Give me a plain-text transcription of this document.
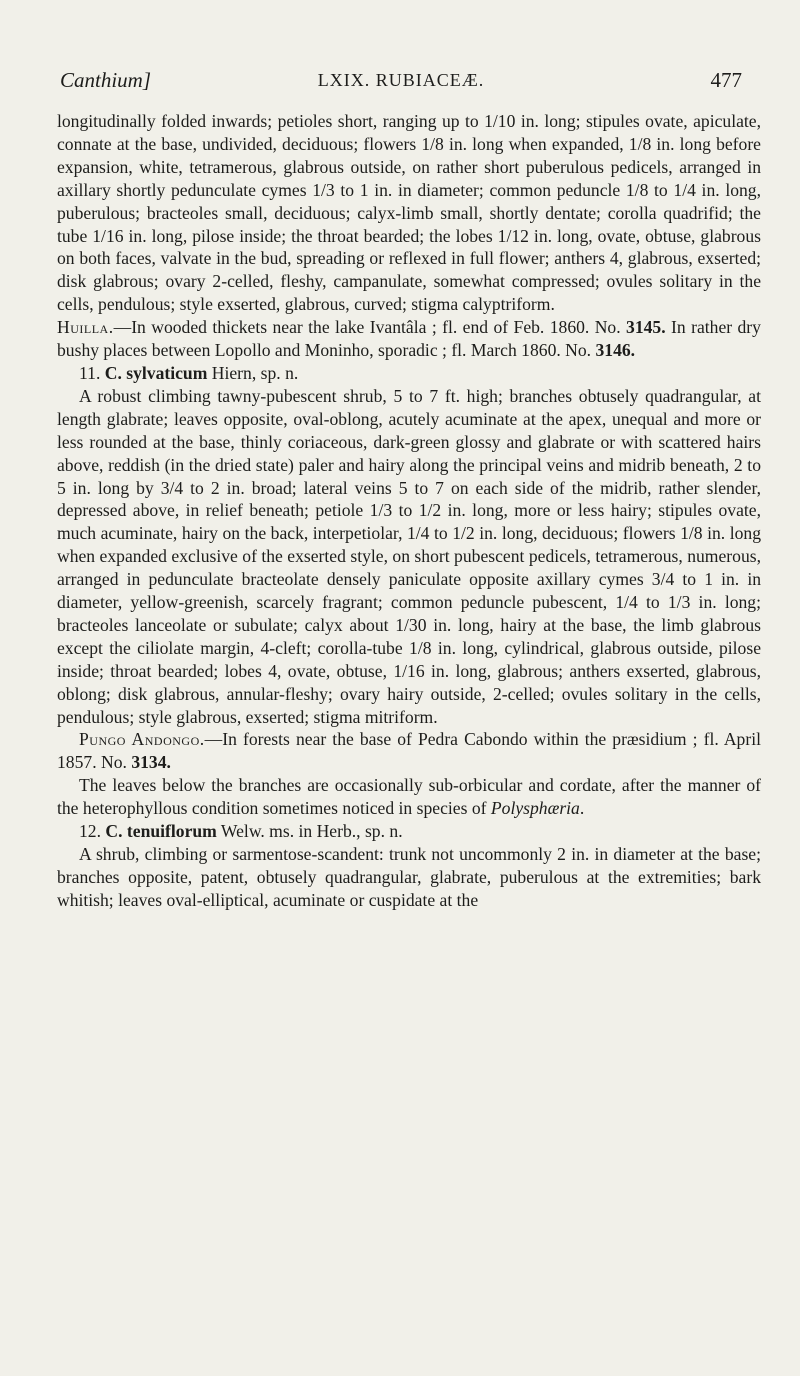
Canthium]	LXIX. RUBIACEÆ.	477

longitudinally folded inwards; petioles short, ranging up to 1/10 in. long; stipules ovate, apiculate, connate at the base, undivided, deciduous; flowers 1/8 in. long when expanded, 1/8 in. long before expansion, white, tetramerous, glabrous outside, on rather short puberulous pedicels, arranged in axillary shortly pedunculate cymes 1/3 to 1 in. in diameter; common peduncle 1/8 to 1/4 in. long, puberulous; bracteoles small, deciduous; calyx-limb small, shortly dentate; corolla quadrifid; the tube 1/16 in. long, pilose inside; the throat bearded; the lobes 1/12 in. long, ovate, obtuse, glabrous on both faces, valvate in the bud, spreading or reflexed in full flower; anthers 4, glabrous, exserted; disk glabrous; ovary 2-celled, fleshy, campanulate, somewhat compressed; ovules solitary in the cells, pendulous; style exserted, glabrous, curved; stigma calyptriform.

Huilla.—In wooded thickets near the lake Ivantâla ; fl. end of Feb. 1860. No. 3145. In rather dry bushy places between Lopollo and Moninho, sporadic ; fl. March 1860. No. 3146.

11. C. sylvaticum Hiern, sp. n.

A robust climbing tawny-pubescent shrub, 5 to 7 ft. high; branches obtusely quadrangular, at length glabrate; leaves opposite, oval-oblong, acutely acuminate at the apex, unequal and more or less rounded at the base, thinly coriaceous, dark-green glossy and glabrate or with scattered hairs above, reddish (in the dried state) paler and hairy along the principal veins and midrib beneath, 2 to 5 in. long by 3/4 to 2 in. broad; lateral veins 5 to 7 on each side of the midrib, rather slender, depressed above, in relief beneath; petiole 1/3 to 1/2 in. long, more or less hairy; stipules ovate, much acuminate, hairy on the back, interpetiolar, 1/4 to 1/2 in. long, deciduous; flowers 1/8 in. long when expanded exclusive of the exserted style, on short pubescent pedicels, tetramerous, numerous, arranged in pedunculate bracteolate densely paniculate opposite axillary cymes 3/4 to 1 in. in diameter, yellow-greenish, scarcely fragrant; common peduncle pubescent, 1/4 to 1/3 in. long; bracteoles lanceolate or subulate; calyx about 1/30 in. long, hairy at the base, the limb glabrous except the ciliolate margin, 4-cleft; corolla-tube 1/8 in. long, cylindrical, glabrous outside, pilose inside; throat bearded; lobes 4, ovate, obtuse, 1/16 in. long, glabrous; anthers exserted, glabrous, oblong; disk glabrous, annular-fleshy; ovary hairy outside, 2-celled; ovules solitary in the cells, pendulous; style glabrous, exserted; stigma mitriform.

Pungo Andongo.—In forests near the base of Pedra Cabondo within the præsidium ; fl. April 1857. No. 3134.

The leaves below the branches are occasionally sub-orbicular and cordate, after the manner of the heterophyllous condition sometimes noticed in species of Polysphæria.

12. C. tenuiflorum Welw. ms. in Herb., sp. n.

A shrub, climbing or sarmentose-scandent: trunk not uncommonly 2 in. in diameter at the base; branches opposite, patent, obtusely quadrangular, glabrate, puberulous at the extremities; bark whitish; leaves oval-elliptical, acuminate or cuspidate at the
